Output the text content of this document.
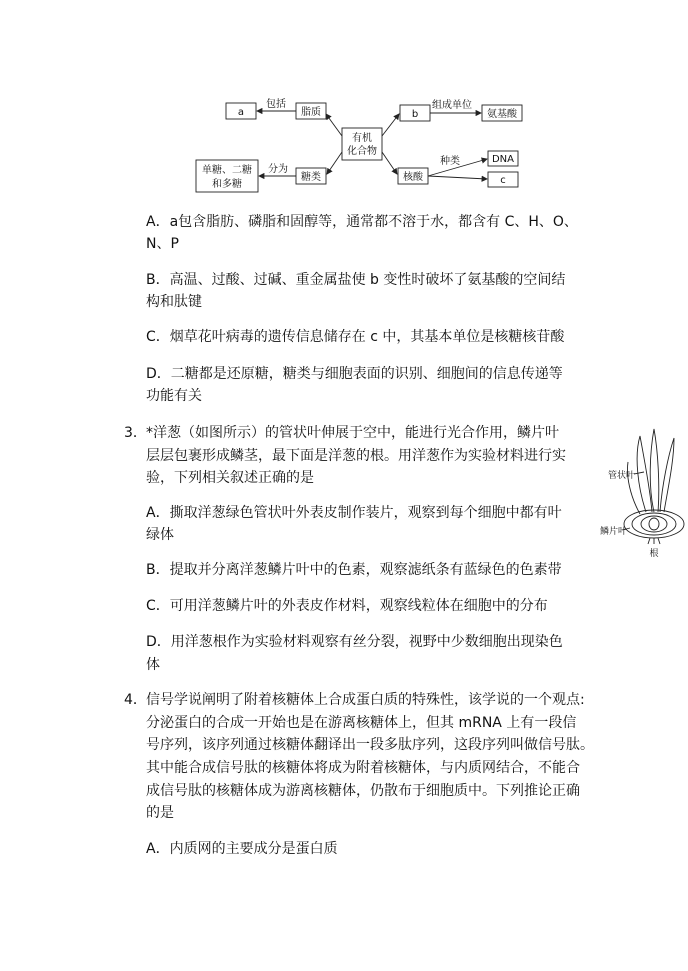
有机
化合物
a	脂质	b	氨基酸
单糖、二糖
和多糖
糖类	核酸
DNA
c
包括	组成单位
分为
种类
A．a包含脂肪、磷脂和固醇等，通常都不溶于水，都含有 C、H、O、
N、P
B．高温、过酸、过碱、重金属盐使 b 变性时破坏了氨基酸的空间结
构和肽键
C．烟草花叶病毒的遗传信息储存在 c 中，其基本单位是核糖核苷酸
D．二糖都是还原糖，糖类与细胞表面的识别、细胞间的信息传递等
功能有关
3． *洋葱（如图所示）的管状叶伸展于空中，能进行光合作用，鳞片叶
层层包裹形成鳞茎，最下面是洋葱的根。用洋葱作为实验材料进行实
验，下列相关叙述正确的是
A．撕取洋葱绿色管状叶外表皮制作装片，观察到每个细胞中都有叶
绿体
B．提取并分离洋葱鳞片叶中的色素，观察滤纸条有蓝绿色的色素带
C．可用洋葱鳞片叶的外表皮作材料，观察线粒体在细胞中的分布
D．用洋葱根作为实验材料观察有丝分裂，视野中少数细胞出现染色
体
管状叶
鳞片叶
根
4． 信号学说阐明了附着核糖体上合成蛋白质的特殊性，该学说的一个观点:
分泌蛋白的合成一开始也是在游离核糖体上，但其 mRNA 上有一段信
号序列，该序列通过核糖体翻译出一段多肽序列，这段序列叫做信号肽。
其中能合成信号肽的核糖体将成为附着核糖体，与内质网结合，不能合
成信号肽的核糖体成为游离核糖体，仍散布于细胞质中。下列推论正确
的是
A．内质网的主要成分是蛋白质
